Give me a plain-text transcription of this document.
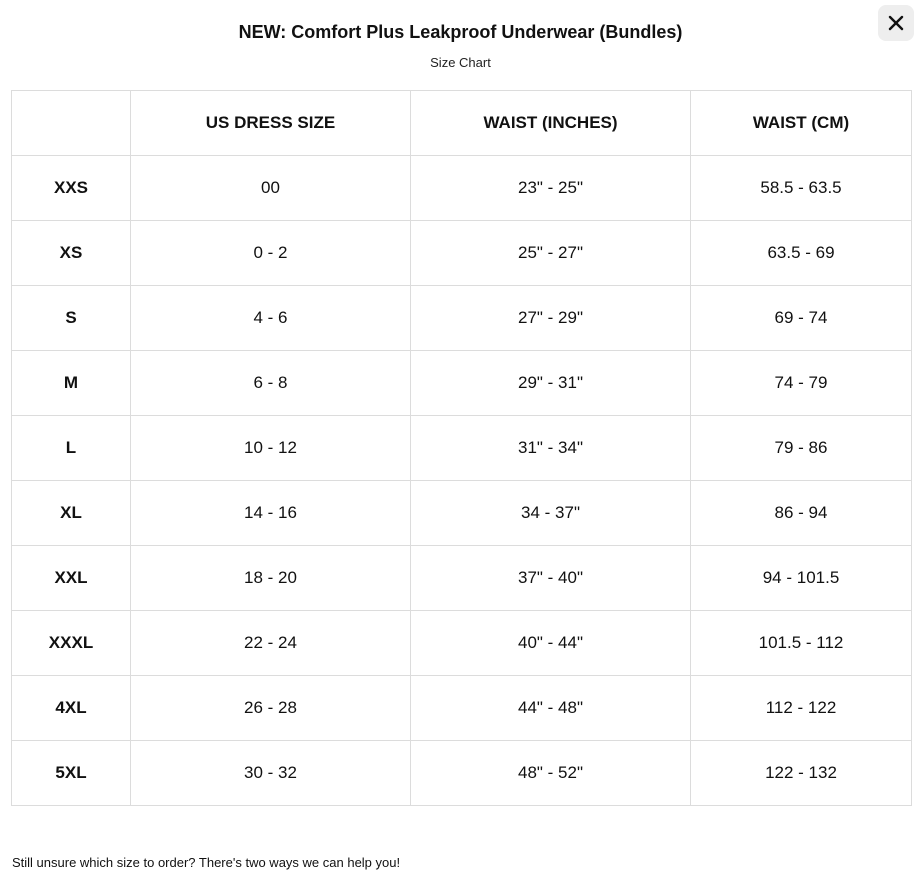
NEW: Comfort Plus Leakproof Underwear (Bundles)
Size Chart
	US DRESS SIZE	WAIST (INCHES)	WAIST (CM)
XXS	00	23" - 25"	58.5 - 63.5
XS	0 - 2	25" - 27"	63.5 - 69
S	4 - 6	27" - 29"	69 - 74
M	6 - 8	29" - 31"	74 - 79
L	10 - 12	31" - 34"	79 - 86
XL	14 - 16	34 - 37"	86 - 94
XXL	18 - 20	37" - 40"	94 - 101.5
XXXL	22 - 24	40" - 44"	101.5 - 112
4XL	26 - 28	44" - 48"	112 - 122
5XL	30 - 32	48" - 52"	122 - 132
Still unsure which size to order? There's two ways we can help you!
